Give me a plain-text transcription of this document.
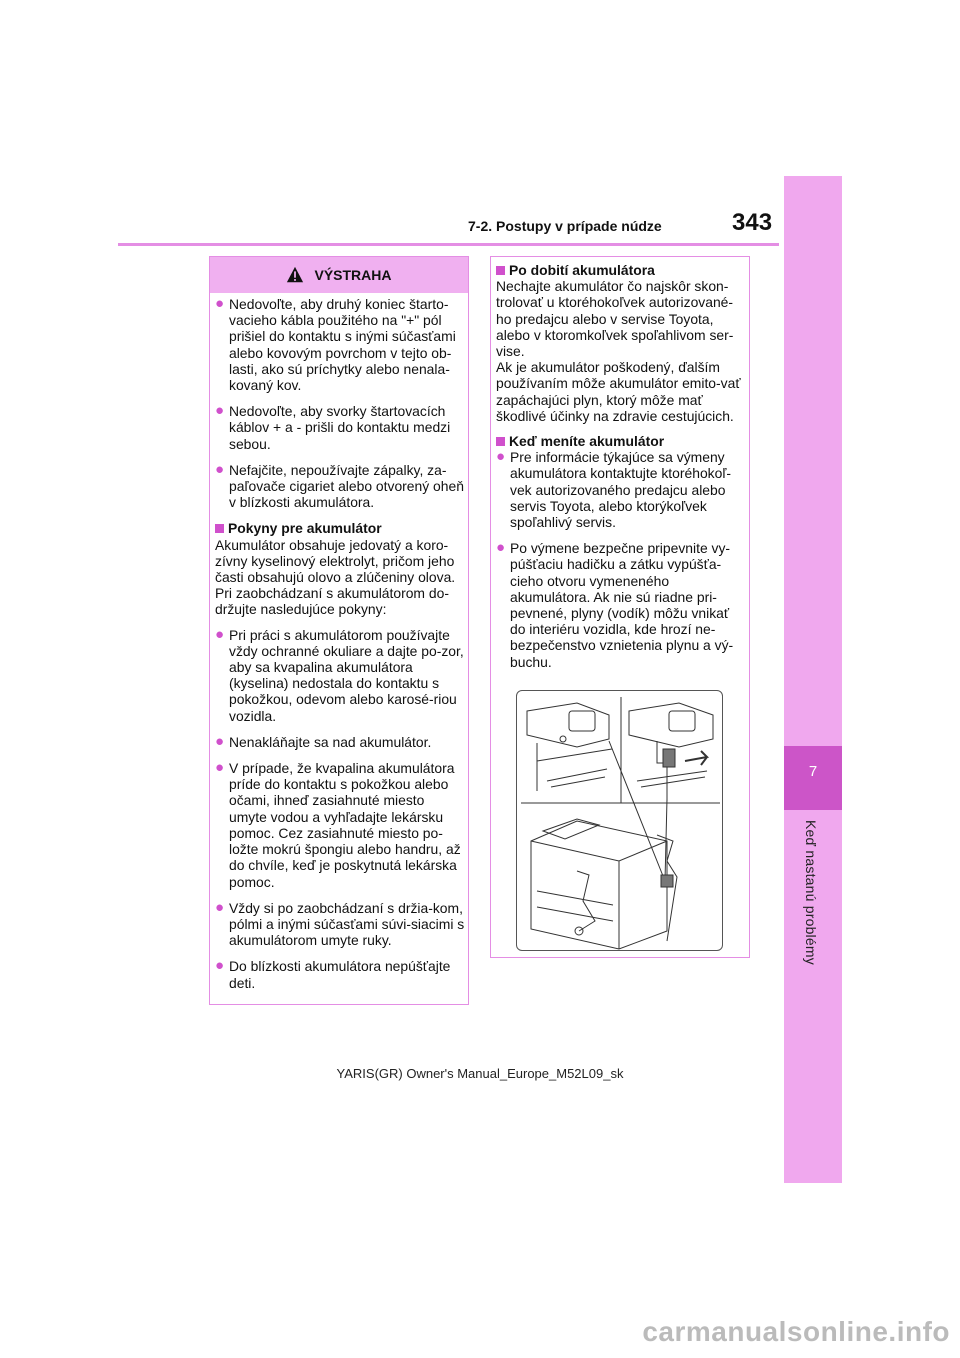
7-2. Postupy v prípade núdze	343
7
Keď nastanú problémy
VÝSTRAHA
● Nedovoľte, aby druhý koniec štarto-vacieho kábla použitého na "+" pól prišiel do kontaktu s inými súčasťami alebo kovovým povrchom v tejto ob-lasti, ako sú príchytky alebo nenala-kovaný kov.
● Nedovoľte, aby svorky štartovacích káblov + a - prišli do kontaktu medzi sebou.
● Nefajčite, nepoužívajte zápalky, za-paľovače cigariet alebo otvorený oheň v blízkosti akumulátora.
Pokyny pre akumulátor

Akumulátor obsahuje jedovatý a koro-zívny kyselinový elektrolyt, pričom jeho časti obsahujú olovo a zlúčeniny olova. Pri zaobchádzaní s akumulátorom do-držujte nasledujúce pokyny:

● Pri práci s akumulátorom používajte vždy ochranné okuliare a dajte po-zor, aby sa kvapalina akumulátora (kyselina) nedostala do kontaktu s pokožkou, odevom alebo karosé-riou vozidla.
● Nenakláňajte sa nad akumulátor.
● V prípade, že kvapalina akumulátora príde do kontaktu s pokožkou alebo očami, ihneď zasiahnuté miesto umyte vodou a vyhľadajte lekársku pomoc. Cez zasiahnuté miesto po-ložte mokrú špongiu alebo handru, až do chvíle, keď je poskytnutá lekárska pomoc.
● Vždy si po zaobchádzaní s držia-kom, pólmi a inými súčasťami súvi-siacimi s akumulátorom umyte ruky.
● Do blízkosti akumulátora nepúšťajte deti.
Po dobití akumulátora
Nechajte akumulátor čo najskôr skon-trolovať u ktoréhokoľvek autorizované-ho predajcu alebo v servise Toyota, alebo v ktoromkoľvek spoľahlivom ser-vise.

Ak je akumulátor poškodený, ďalším používaním môže akumulátor emito-vať zapáchajúci plyn, ktorý môže mať škodlivé účinky na zdravie cestujúcich.

Keď meníte akumulátor
● Pre informácie týkajúce sa výmeny akumulátora kontaktujte ktoréhokoľ-vek autorizovaného predajcu alebo servis Toyota, alebo ktorýkoľvek spoľahlivý servis.
● Po výmene bezpečne pripevnite vy-púšťaciu hadičku a zátku vypúšťa-cieho otvoru vymeneného akumulátora. Ak nie sú riadne pri-pevnené, plyny (vodík) môžu vnikať do interiéru vozidla, kde hrozí ne-bezpečenstvo vznietenia plynu a vý-buchu.
YARIS(GR) Owner's Manual_Europe_M52L09_sk
carmanualsonline.info
